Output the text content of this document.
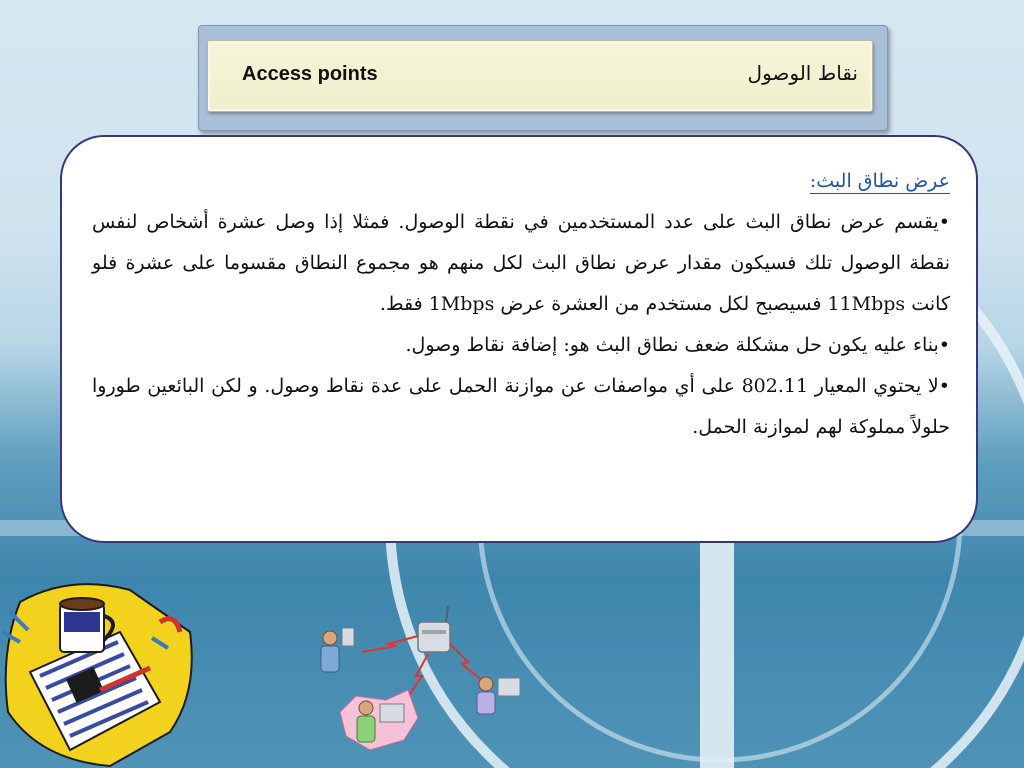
Access points	نقاط الوصول
عرض نطاق البث:

•يقسم عرض نطاق البث على عدد المستخدمين في نقطة الوصول. فمثلا إذا وصل عشرة أشخاص لنفس نقطة الوصول تلك فسيكون مقدار عرض نطاق البث لكل منهم هو مجموع النطاق مقسوما على عشرة فلو كانت 11Mbps فسيصبح لكل مستخدم من العشرة عرض 1Mbps فقط.

•بناء عليه يكون حل مشكلة ضعف نطاق البث هو: إضافة نقاط وصول.

•لا يحتوي المعيار 802.11 على أي مواصفات عن موازنة الحمل على عدة نقاط وصول. و لكن البائعين طوروا حلولاً مملوكة لهم لموازنة الحمل.
